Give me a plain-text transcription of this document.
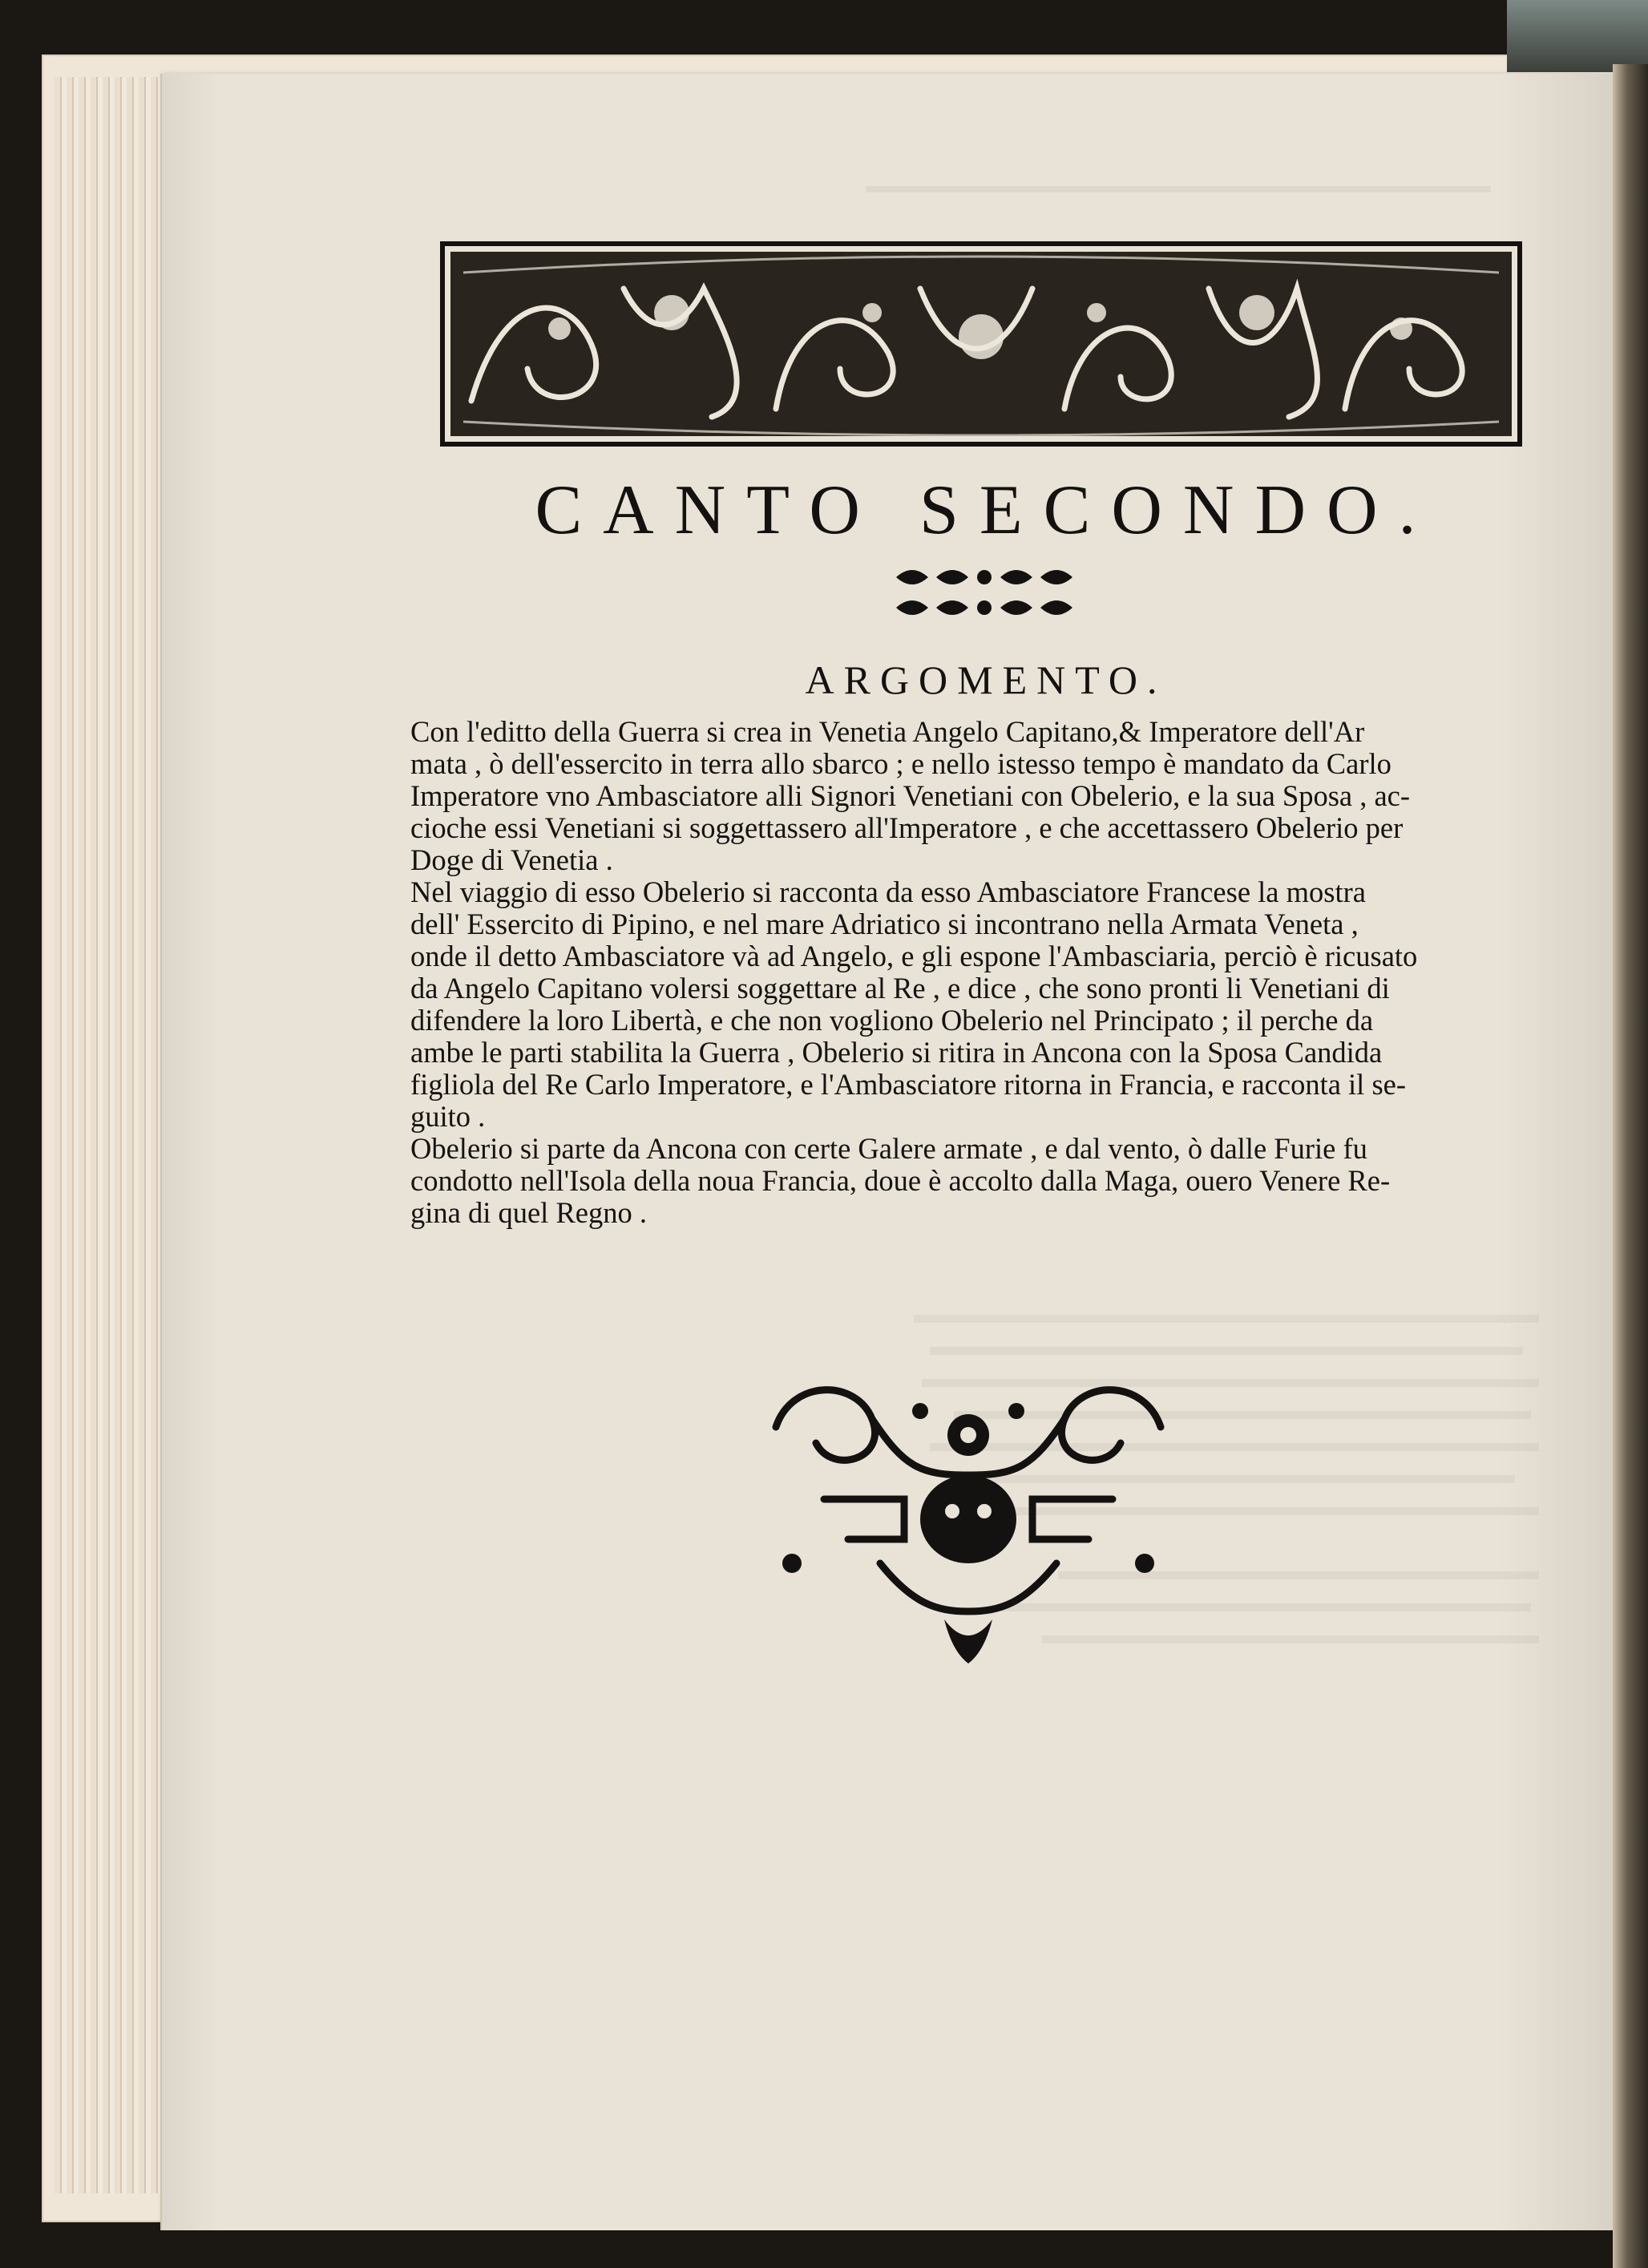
CANTO SECONDO.
ARGOMENTO.

Con l'editto della Guerra si crea in Venetia Angelo Capitano,& Imperatore dell'Ar
mata , ò dell'essercito in terra allo sbarco ; e nello istesso tempo è mandato da Carlo
Imperatore vno Ambasciatore alli Signori Venetiani con Obelerio, e la sua Sposa , ac-
cioche essi Venetiani si soggettassero all'Imperatore , e che accettassero Obelerio per
Doge di Venetia .

Nel viaggio di esso Obelerio si racconta da esso Ambasciatore Francese la mostra
dell' Essercito di Pipino, e nel mare Adriatico si incontrano nella Armata Veneta ,
onde il detto Ambasciatore và ad Angelo, e gli espone l'Ambasciaria, perciò è ricusato
da Angelo Capitano volersi soggettare al Re , e dice , che sono pronti li Venetiani di
difendere la loro Libertà, e che non vogliono Obelerio nel Principato ; il perche da
ambe le parti stabilita la Guerra , Obelerio si ritira in Ancona con la Sposa Candida
figliola del Re Carlo Imperatore, e l'Ambasciatore ritorna in Francia, e racconta il se-
guito .

Obelerio si parte da Ancona con certe Galere armate , e dal vento, ò dalle Furie fu
condotto nell'Isola della noua Francia, doue è accolto dalla Maga, ouero Venere Re-
gina di quel Regno .
